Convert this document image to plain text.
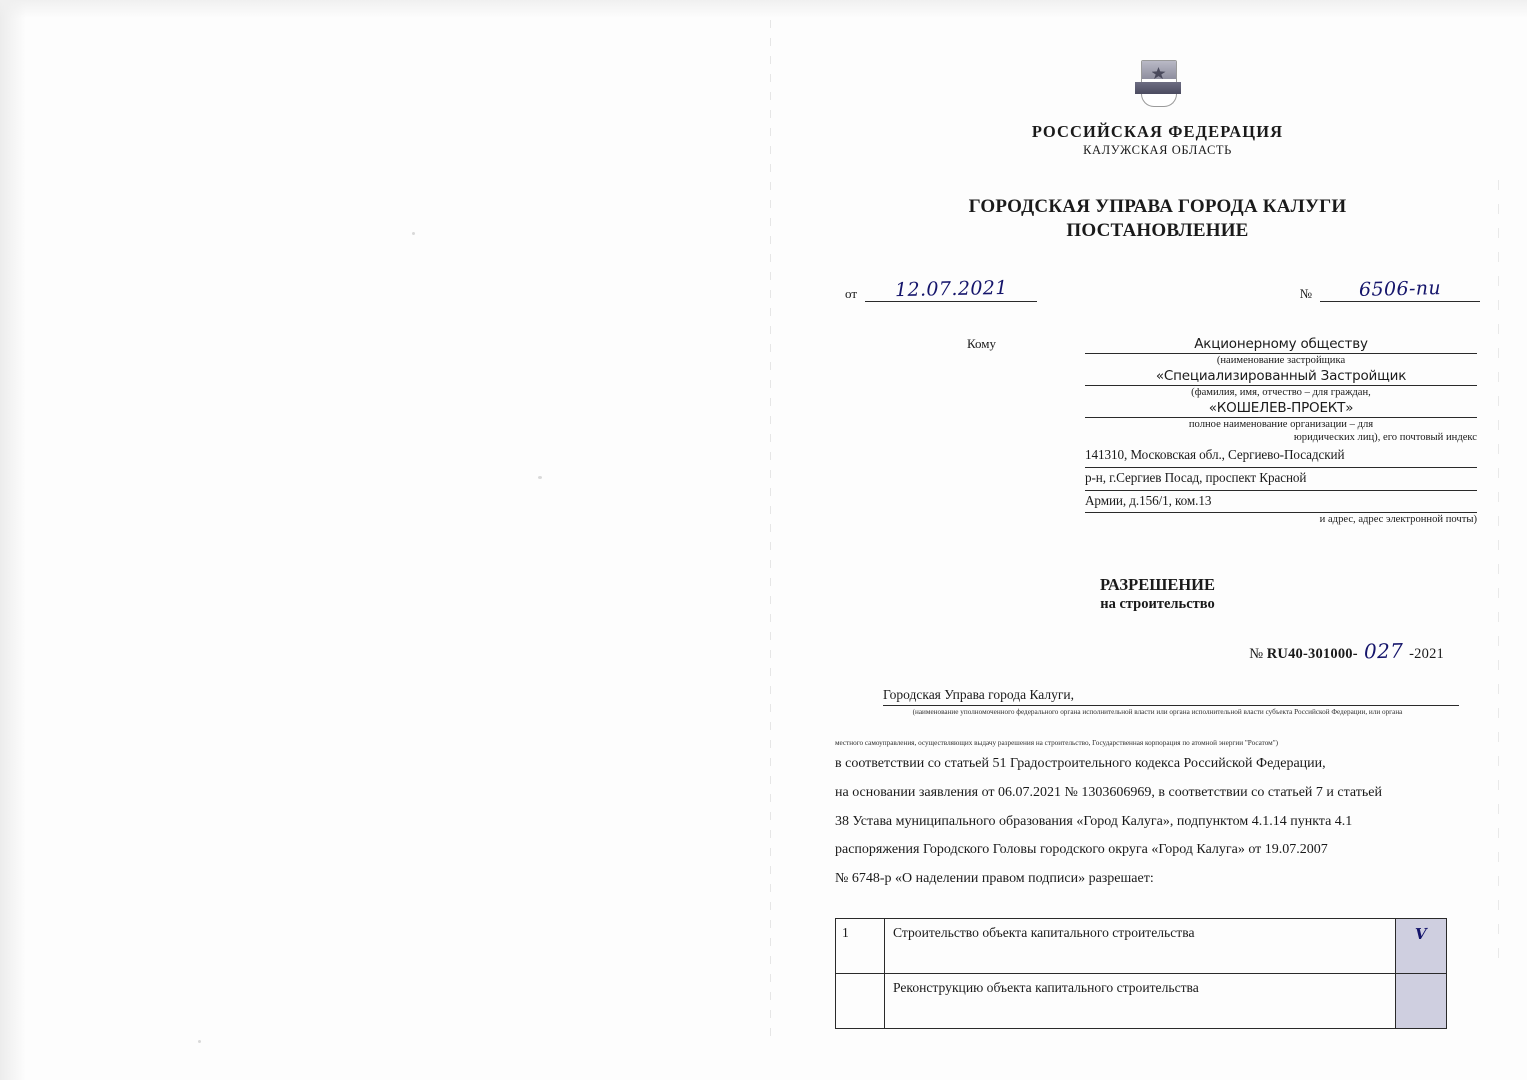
РОССИЙСКАЯ ФЕДЕРАЦИЯ
КАЛУЖСКАЯ ОБЛАСТЬ
ГОРОДСКАЯ УПРАВА ГОРОДА КАЛУГИ
ПОСТАНОВЛЕНИЕ
от	12.07.2021	№	6506-пи
Кому	Акционерному обществу
(наименование застройщика
«Специализированный Застройщик
(фамилия, имя, отчество – для граждан,
«КОШЕЛЕВ-ПРОЕКТ»
полное наименование организации – для
юридических лиц), его почтовый индекс
141310, Московская обл., Сергиево-Посадский
р-н, г.Сергиев Посад, проспект Красной
Армии, д.156/1, ком.13
и адрес, адрес электронной почты)
РАЗРЕШЕНИЕ
на строительство
№ RU40-301000- 027 -2021
Городская Управа города Калуги,
(наименование уполномоченного федерального органа исполнительной власти или органа исполнительной власти субъекта Российской Федерации, или органа
местного самоуправления, осуществляющих выдачу разрешения на строительство, Государственная корпорация по атомной энергии "Росатом")

в соответствии со статьей 51 Градостроительного кодекса Российской Федерации,

на основании заявления от 06.07.2021 № 1303606969, в соответствии со статьей 7 и статьей

38 Устава муниципального образования «Город Калуга», подпунктом 4.1.14 пункта 4.1

распоряжения Городского Головы городского округа «Город Калуга» от 19.07.2007

№ 6748-р «О наделении правом подписи» разрешает:

1	Строительство объекта капитального строительства	V
	Реконструкцию объекта капитального строительства	
